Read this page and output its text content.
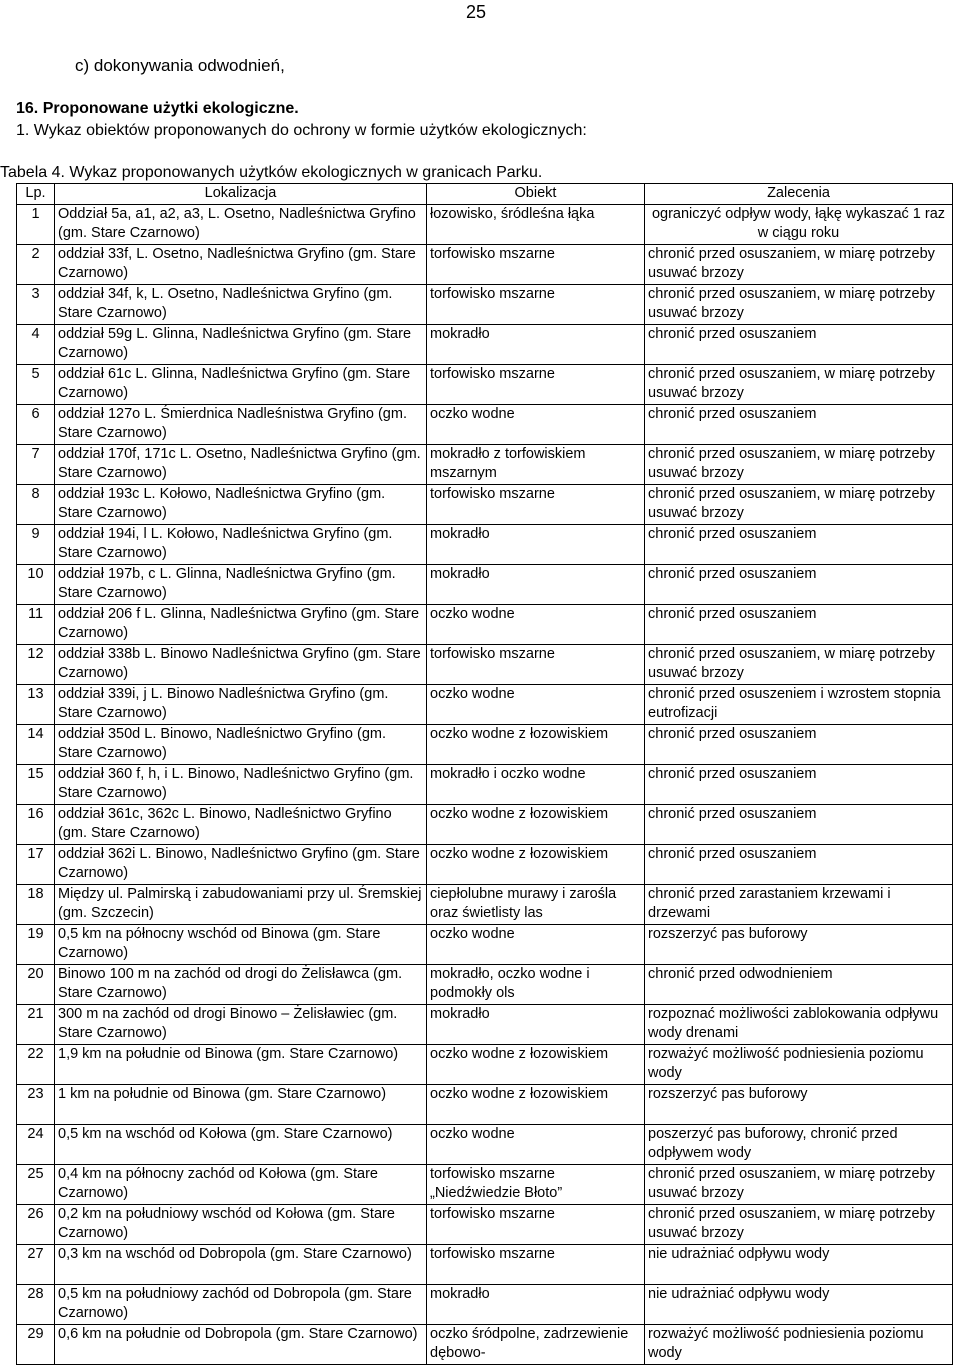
25
c) dokonywania odwodnień,
16. Proponowane użytki ekologiczne.
1. Wykaz obiektów proponowanych do ochrony w formie użytków ekologicznych:
Tabela 4. Wykaz proponowanych użytków ekologicznych w granicach Parku.
Lp.	Lokalizacja	Obiekt	Zalecenia
1	Oddział 5a, a1, a2, a3, L. Osetno, Nadleśnictwa Gryfino (gm. Stare Czarnowo)	łozowisko, śródleśna łąka	ograniczyć odpływ wody, łąkę wykaszać 1 raz w ciągu roku
2	oddział 33f, L. Osetno, Nadleśnictwa Gryfino (gm. Stare Czarnowo)	torfowisko mszarne	chronić przed osuszaniem, w miarę potrzeby usuwać brzozy
3	oddział 34f, k, L. Osetno, Nadleśnictwa Gryfino (gm. Stare Czarnowo)	torfowisko mszarne	chronić przed osuszaniem, w miarę potrzeby usuwać brzozy
4	oddział 59g L. Glinna, Nadleśnictwa Gryfino (gm. Stare Czarnowo)	mokradło	chronić przed osuszaniem
5	oddział 61c L. Glinna, Nadleśnictwa Gryfino (gm. Stare Czarnowo)	torfowisko mszarne	chronić przed osuszaniem, w miarę potrzeby usuwać brzozy
6	oddział 127o L. Śmierdnica Nadleśnistwa Gryfino (gm. Stare Czarnowo)	oczko wodne	chronić przed osuszaniem
7	oddział 170f, 171c L. Osetno, Nadleśnictwa Gryfino (gm. Stare Czarnowo)	mokradło z torfowiskiem mszarnym	chronić przed osuszaniem, w miarę potrzeby usuwać brzozy
8	oddział 193c L. Kołowo, Nadleśnictwa Gryfino (gm. Stare Czarnowo)	torfowisko mszarne	chronić przed osuszaniem, w miarę potrzeby usuwać brzozy
9	oddział 194i, l L. Kołowo, Nadleśnictwa Gryfino (gm. Stare Czarnowo)	mokradło	chronić przed osuszaniem
10	oddział 197b, c L. Glinna, Nadleśnictwa Gryfino (gm. Stare Czarnowo)	mokradło	chronić przed osuszaniem
11	oddział 206 f L. Glinna, Nadleśnictwa Gryfino (gm. Stare Czarnowo)	oczko wodne	chronić przed osuszaniem
12	oddział 338b L. Binowo Nadleśnictwa Gryfino (gm. Stare Czarnowo)	torfowisko mszarne	chronić przed osuszaniem, w miarę potrzeby usuwać brzozy
13	oddział 339i, j L. Binowo Nadleśnictwa Gryfino (gm. Stare Czarnowo)	oczko wodne	chronić przed osuszeniem i wzrostem stopnia eutrofizacji
14	oddział 350d L. Binowo, Nadleśnictwo Gryfino (gm. Stare Czarnowo)	oczko wodne z łozowiskiem	chronić przed osuszaniem
15	oddział 360 f, h, i L. Binowo, Nadleśnictwo Gryfino (gm. Stare Czarnowo)	mokradło i oczko wodne	chronić przed osuszaniem
16	oddział 361c, 362c L. Binowo, Nadleśnictwo Gryfino (gm. Stare Czarnowo)	oczko wodne z łozowiskiem	chronić przed osuszaniem
17	oddział 362i L. Binowo, Nadleśnictwo Gryfino (gm. Stare Czarnowo)	oczko wodne z łozowiskiem	chronić przed osuszaniem
18	Między ul. Palmirską i zabudowaniami przy ul. Śremskiej (gm. Szczecin)	ciepłolubne murawy i zarośla oraz świetlisty las	chronić przed zarastaniem krzewami i drzewami
19	0,5 km na północny wschód od Binowa (gm. Stare Czarnowo)	oczko wodne	rozszerzyć pas buforowy
20	Binowo 100 m na zachód od drogi do Żelisławca (gm. Stare Czarnowo)	mokradło, oczko wodne i podmokły ols	chronić przed odwodnieniem
21	300 m na zachód od drogi Binowo – Żelisławiec (gm. Stare Czarnowo)	mokradło	rozpoznać możliwości zablokowania odpływu wody drenami
22	1,9 km na południe od Binowa (gm. Stare Czarnowo)	oczko wodne z łozowiskiem	rozważyć możliwość podniesienia poziomu wody
23	1 km na południe od Binowa (gm. Stare Czarnowo)	oczko wodne z łozowiskiem	rozszerzyć pas buforowy
24	0,5 km na wschód od Kołowa (gm. Stare Czarnowo)	oczko wodne	poszerzyć pas buforowy, chronić przed odpływem wody
25	0,4 km na północny zachód od Kołowa (gm. Stare Czarnowo)	torfowisko mszarne „Niedźwiedzie Błoto”	chronić przed osuszaniem, w miarę potrzeby usuwać brzozy
26	0,2 km na południowy wschód od Kołowa (gm. Stare Czarnowo)	torfowisko mszarne	chronić przed osuszaniem, w miarę potrzeby usuwać brzozy
27	0,3 km na wschód od Dobropola (gm. Stare Czarnowo)	torfowisko mszarne	nie udrażniać odpływu wody
28	0,5 km na południowy zachód od Dobropola (gm. Stare Czarnowo)	mokradło	nie udrażniać odpływu wody
29	0,6 km na południe od Dobropola (gm. Stare Czarnowo)	oczko śródpolne, zadrzewienie dębowo-	rozważyć możliwość podniesienia poziomu wody
